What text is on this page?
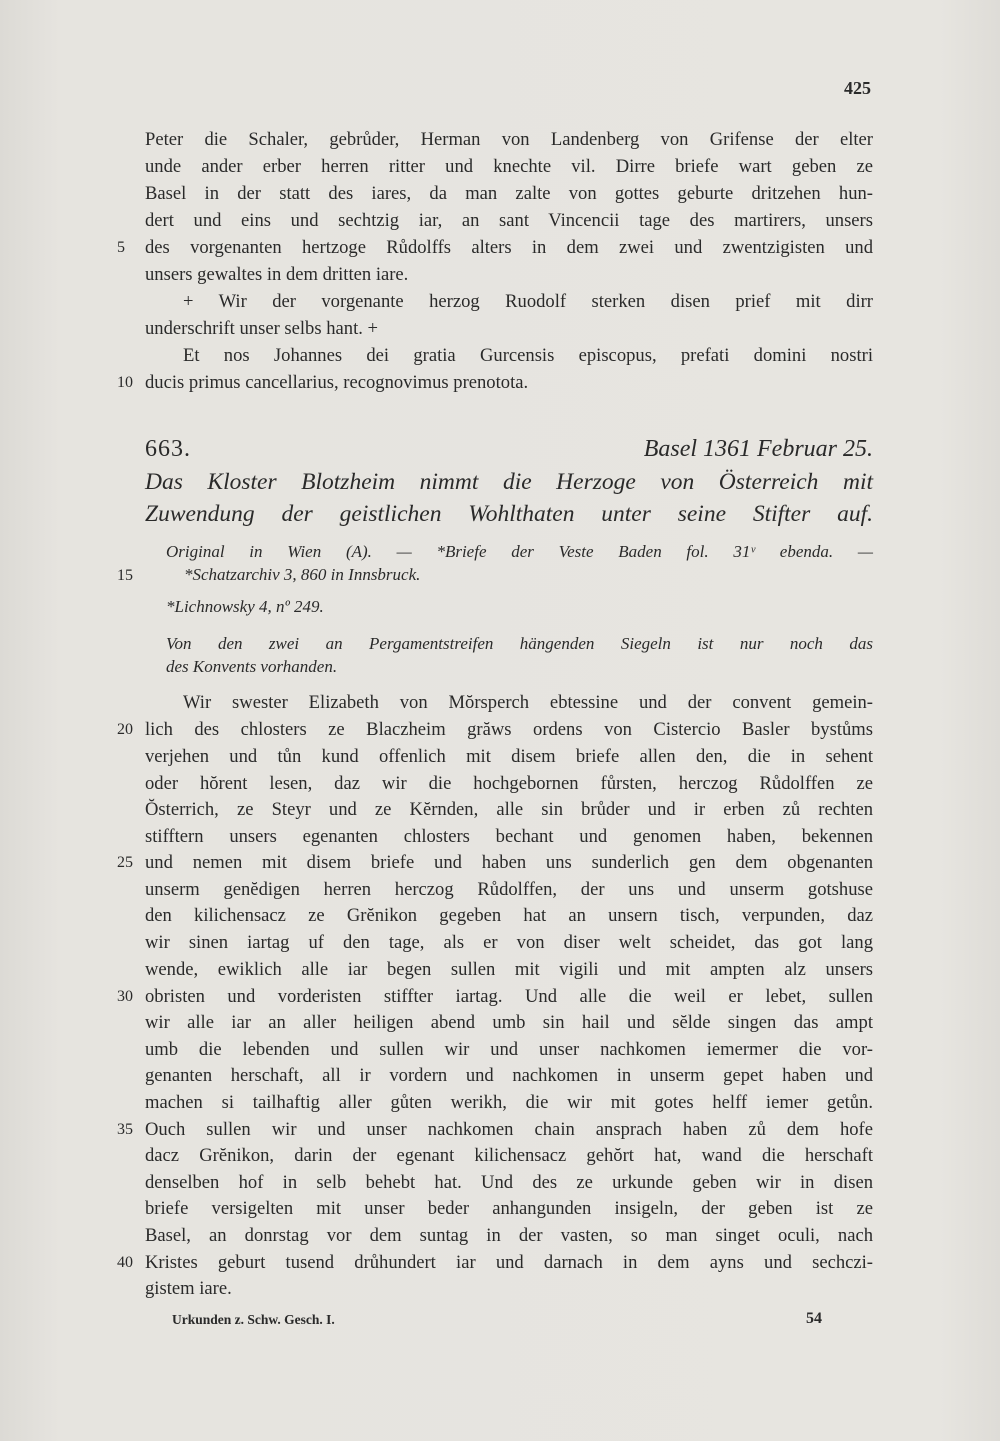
425
Peter die Schaler, gebrůder, Herman von Landenberg von Grifense der elter
unde ander erber herren ritter und knechte vil. Dirre briefe wart geben ze
Basel in der statt des iares, da man zalte von gottes geburte dritzehen hun-
dert und eins und sechtzig iar, an sant Vincencii tage des martirers, unsers
5	des vorgenanten hertzoge Růdolffs alters in dem zwei und zwentzigisten und
unsers gewaltes in dem dritten iare.
+ Wir der vorgenante herzog Ruodolf sterken disen prief mit dirr
underschrift unser selbs hant. +
Et nos Johannes dei gratia Gurcensis episcopus, prefati domini nostri
10 ducis primus cancellarius, recognovimus prenotota.
663.	Basel 1361 Februar 25.
Das Kloster Blotzheim nimmt die Herzoge von Österreich mit
Zuwendung der geistlichen Wohlthaten unter seine Stifter auf.
Original in Wien (A). — *Briefe der Veste Baden fol. 31ᵛ ebenda. —
15	*Schatzarchiv 3, 860 in Innsbruck.
*Lichnowsky 4, nº 249.
Von den zwei an Pergamentstreifen hängenden Siegeln ist nur noch das
des Konvents vorhanden.
Wir swester Elizabeth von Mŏrsperch ebtessine und der convent gemein-
20 lich des chlosters ze Blaczheim grăws ordens von Cistercio Basler bystůms
verjehen und tůn kund offenlich mit disem briefe allen den, die in sehent
oder hŏrent lesen, daz wir die hochgebornen fůrsten, herczog Růdolffen ze
Ŏsterrich, ze Steyr und ze Kĕrnden, alle sin brůder und ir erben zů rechten
stifftern unsers egenanten chlosters bechant und genomen haben, bekennen
25 und nemen mit disem briefe und haben uns sunderlich gen dem obgenanten
unserm genĕdigen herren herczog Růdolffen, der uns und unserm gotshuse
den kilichensacz ze Grĕnikon gegeben hat an unsern tisch, verpunden, daz
wir sinen iartag uf den tage, als er von diser welt scheidet, das got lang
wende, ewiklich alle iar begen sullen mit vigili und mit ampten alz unsers
30 obristen und vorderisten stiffter iartag. Und alle die weil er lebet, sullen
wir alle iar an aller heiligen abend umb sin hail und sĕlde singen das ampt
umb die lebenden und sullen wir und unser nachkomen iemermer die vor-
genanten herschaft, all ir vordern und nachkomen in unserm gepet haben und
machen si tailhaftig aller gůten werikh, die wir mit gotes helff iemer getůn.
35 Ouch sullen wir und unser nachkomen chain ansprach haben zů dem hofe
dacz Grĕnikon, darin der egenant kilichensacz gehŏrt hat, wand die herschaft
denselben hof in selb behebt hat. Und des ze urkunde geben wir in disen
briefe versigelten mit unser beder anhangunden insigeln, der geben ist ze
Basel, an donrstag vor dem suntag in der vasten, so man singet oculi, nach
40 Kristes geburt tusend drůhundert iar und darnach in dem ayns und sechczi-
gistem iare.
Urkunden z. Schw. Gesch. I.	54
